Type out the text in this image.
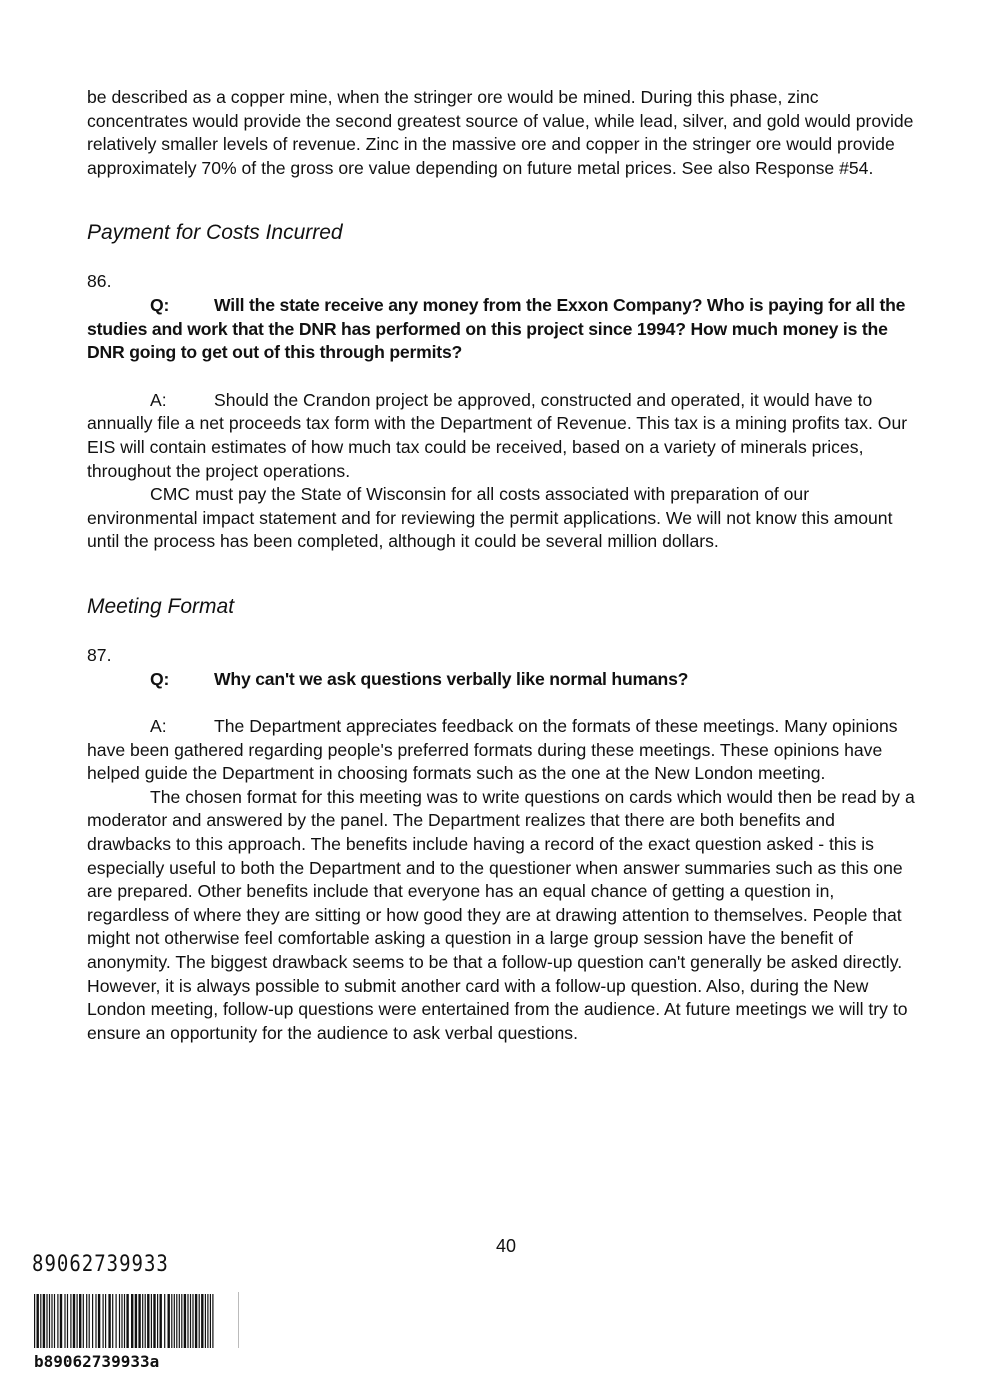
be described as a copper mine, when the stringer ore would be mined. During this phase, zinc concentrates would provide the second greatest source of value, while lead, silver, and gold would provide relatively smaller levels of revenue. Zinc in the massive ore and copper in the stringer ore would provide approximately 70% of the gross ore value depending on future metal prices. See also Response #54.

Payment for Costs Incurred

86.

Q:	Will the state receive any money from the Exxon Company? Who is paying for all the studies and work that the DNR has performed on this project since 1994? How much money is the DNR going to get out of this through permits?

A:	Should the Crandon project be approved, constructed and operated, it would have to annually file a net proceeds tax form with the Department of Revenue. This tax is a mining profits tax. Our EIS will contain estimates of how much tax could be received, based on a variety of minerals prices, throughout the project operations.

CMC must pay the State of Wisconsin for all costs associated with preparation of our environmental impact statement and for reviewing the permit applications. We will not know this amount until the process has been completed, although it could be several million dollars.

Meeting Format

87.

Q:	Why can't we ask questions verbally like normal humans?

A:	The Department appreciates feedback on the formats of these meetings. Many opinions have been gathered regarding people's preferred formats during these meetings. These opinions have helped guide the Department in choosing formats such as the one at the New London meeting.

The chosen format for this meeting was to write questions on cards which would then be read by a moderator and answered by the panel. The Department realizes that there are both benefits and drawbacks to this approach. The benefits include having a record of the exact question asked - this is especially useful to both the Department and to the questioner when answer summaries such as this one are prepared. Other benefits include that everyone has an equal chance of getting a question in, regardless of where they are sitting or how good they are at drawing attention to themselves. People that might not otherwise feel comfortable asking a question in a large group session have the benefit of anonymity. The biggest drawback seems to be that a follow-up question can't generally be asked directly. However, it is always possible to submit another card with a follow-up question. Also, during the New London meeting, follow-up questions were entertained from the audience. At future meetings we will try to ensure an opportunity for the audience to ask verbal questions.

40
89062739933
b89062739933a
